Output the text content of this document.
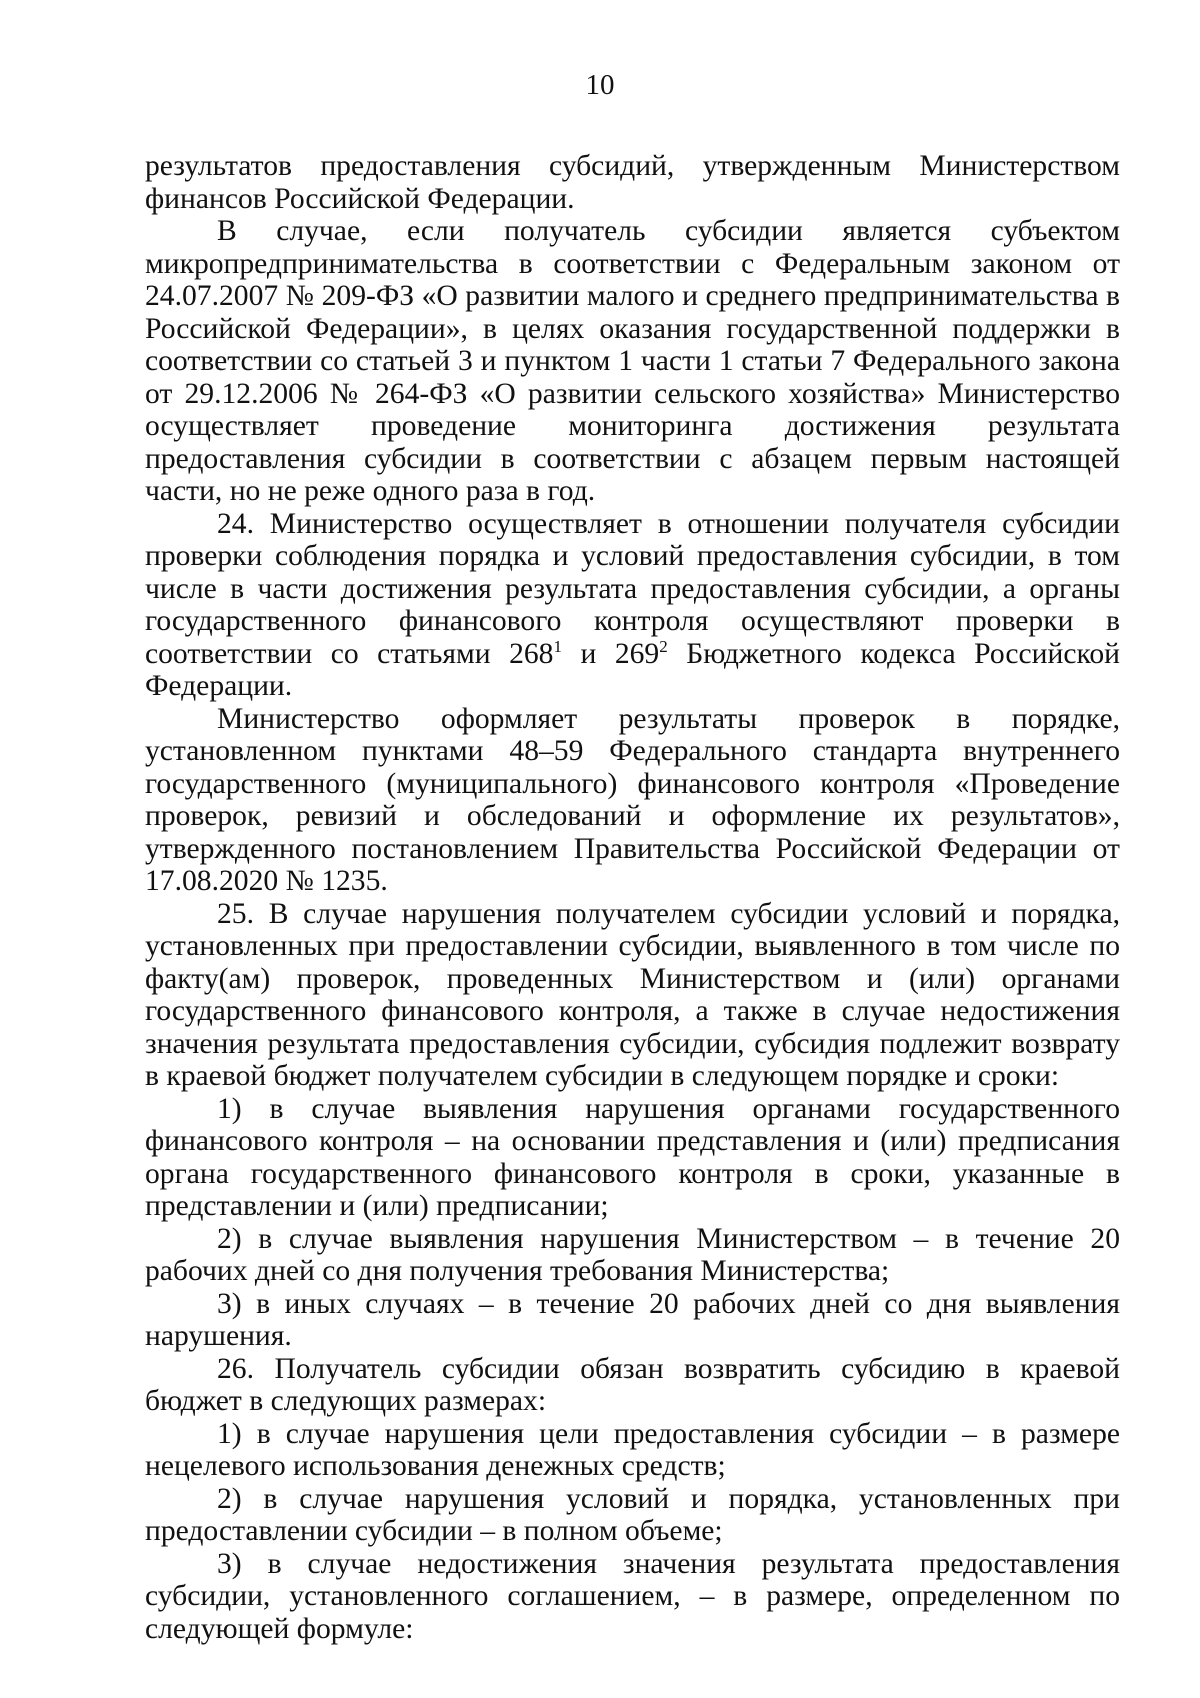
10

результатов предоставления субсидий, утвержденным Министерством финансов Российской Федерации.

В случае, если получатель субсидии является субъектом микропредпринимательства в соответствии с Федеральным законом от 24.07.2007 № 209-ФЗ «О развитии малого и среднего предпринимательства в Российской Федерации», в целях оказания государственной поддержки в соответствии со статьей 3 и пунктом 1 части 1 статьи 7 Федерального закона от 29.12.2006 № 264-ФЗ «О развитии сельского хозяйства» Министерство осуществляет проведение мониторинга достижения результата предоставления субсидии в соответствии с абзацем первым настоящей части, но не реже одного раза в год.

24. Министерство осуществляет в отношении получателя субсидии проверки соблюдения порядка и условий предоставления субсидии, в том числе в части достижения результата предоставления субсидии, а органы государственного финансового контроля осуществляют проверки в соответствии со статьями $268^1$ и $269^2$ Бюджетного кодекса Российской Федерации.

Министерство оформляет результаты проверок в порядке, установленном пунктами 48–59 Федерального стандарта внутреннего государственного (муниципального) финансового контроля «Проведение проверок, ревизий и обследований и оформление их результатов», утвержденного постановлением Правительства Российской Федерации от 17.08.2020 № 1235.

25. В случае нарушения получателем субсидии условий и порядка, установленных при предоставлении субсидии, выявленного в том числе по факту(ам) проверок, проведенных Министерством и (или) органами государственного финансового контроля, а также в случае недостижения значения результата предоставления субсидии, субсидия подлежит возврату в краевой бюджет получателем субсидии в следующем порядке и сроки:

1) в случае выявления нарушения органами государственного финансового контроля – на основании представления и (или) предписания органа государственного финансового контроля в сроки, указанные в представлении и (или) предписании;

2) в случае выявления нарушения Министерством – в течение 20 рабочих дней со дня получения требования Министерства;

3) в иных случаях – в течение 20 рабочих дней со дня выявления нарушения.

26. Получатель субсидии обязан возвратить субсидию в краевой бюджет в следующих размерах:

1) в случае нарушения цели предоставления субсидии – в размере нецелевого использования денежных средств;

2) в случае нарушения условий и порядка, установленных при предоставлении субсидии – в полном объеме;

3) в случае недостижения значения результата предоставления субсидии, установленного соглашением, – в размере, определенном по следующей формуле:
